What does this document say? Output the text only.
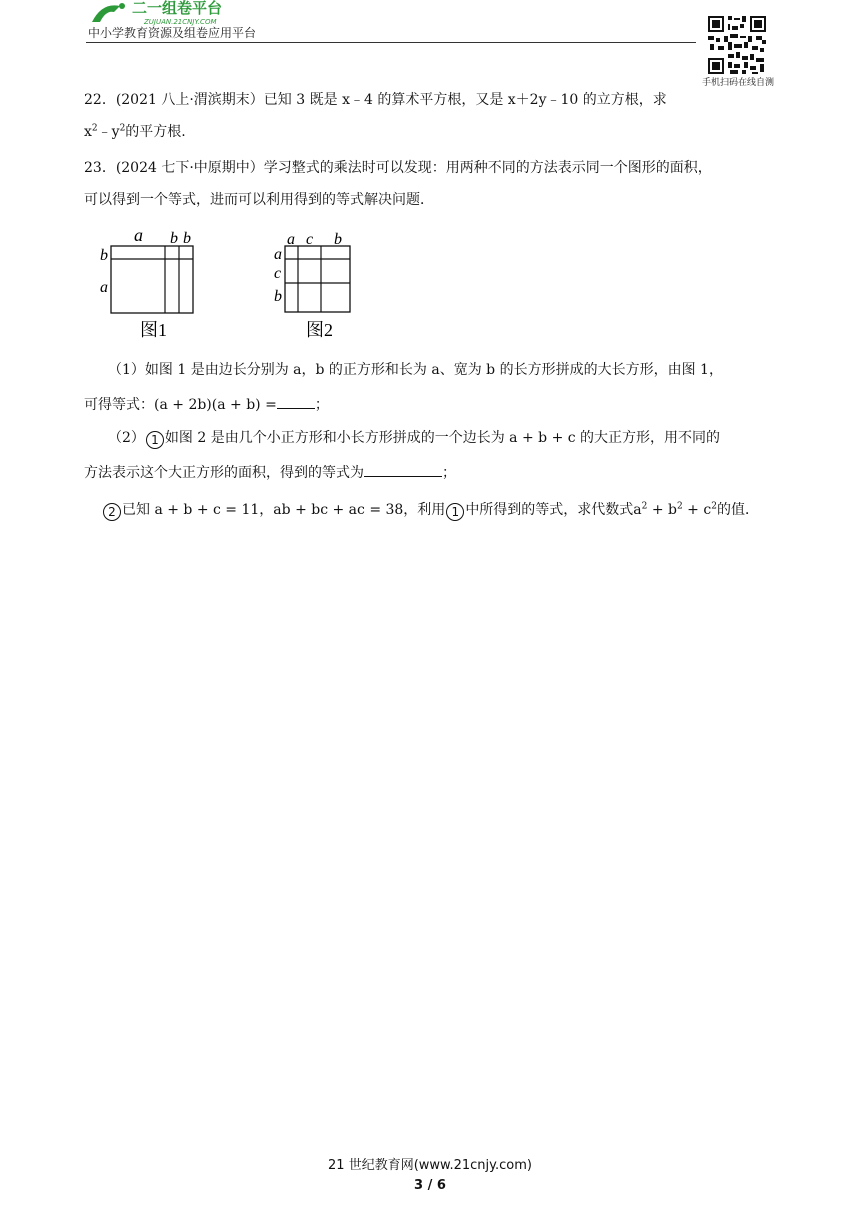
二一组卷平台
ZUJUAN.21CNJY.COM
中小学教育资源及组卷应用平台
手机扫码在线自测
22．(2021 八上·渭滨期末）已知 3 既是 x﹣4 的算术平方根，又是 x＋2y﹣10 的立方根，求
$x^2﹣y^2$的平方根.
23．(2024 七下·中原期中）学习整式的乘法时可以发现：用两种不同的方法表示同一个图形的面积，
可以得到一个等式，进而可以利用得到的等式解决问题．
a b b
b
a
图1
a c b
a
c
b
图2
（1）如图 1 是由边长分别为 a，b 的正方形和长为 a、宽为 b 的长方形拼成的大长方形，由图 1，
可得等式：(a + 2b)(a + b) =	；
（2） 1 如图 2 是由几个小正方形和小长方形拼成的一个边长为 a + b + c 的大正方形，用不同的
方法表示这个大正方形的面积，得到的等式为	；
2 已知 a + b + c = 11，ab + bc + ac = 38，利用 1 中所得到的等式，求代数式$a^2 + b^2 + c^2$的值．
21 世纪教育网(www.21cnjy.com)
3 / 6
